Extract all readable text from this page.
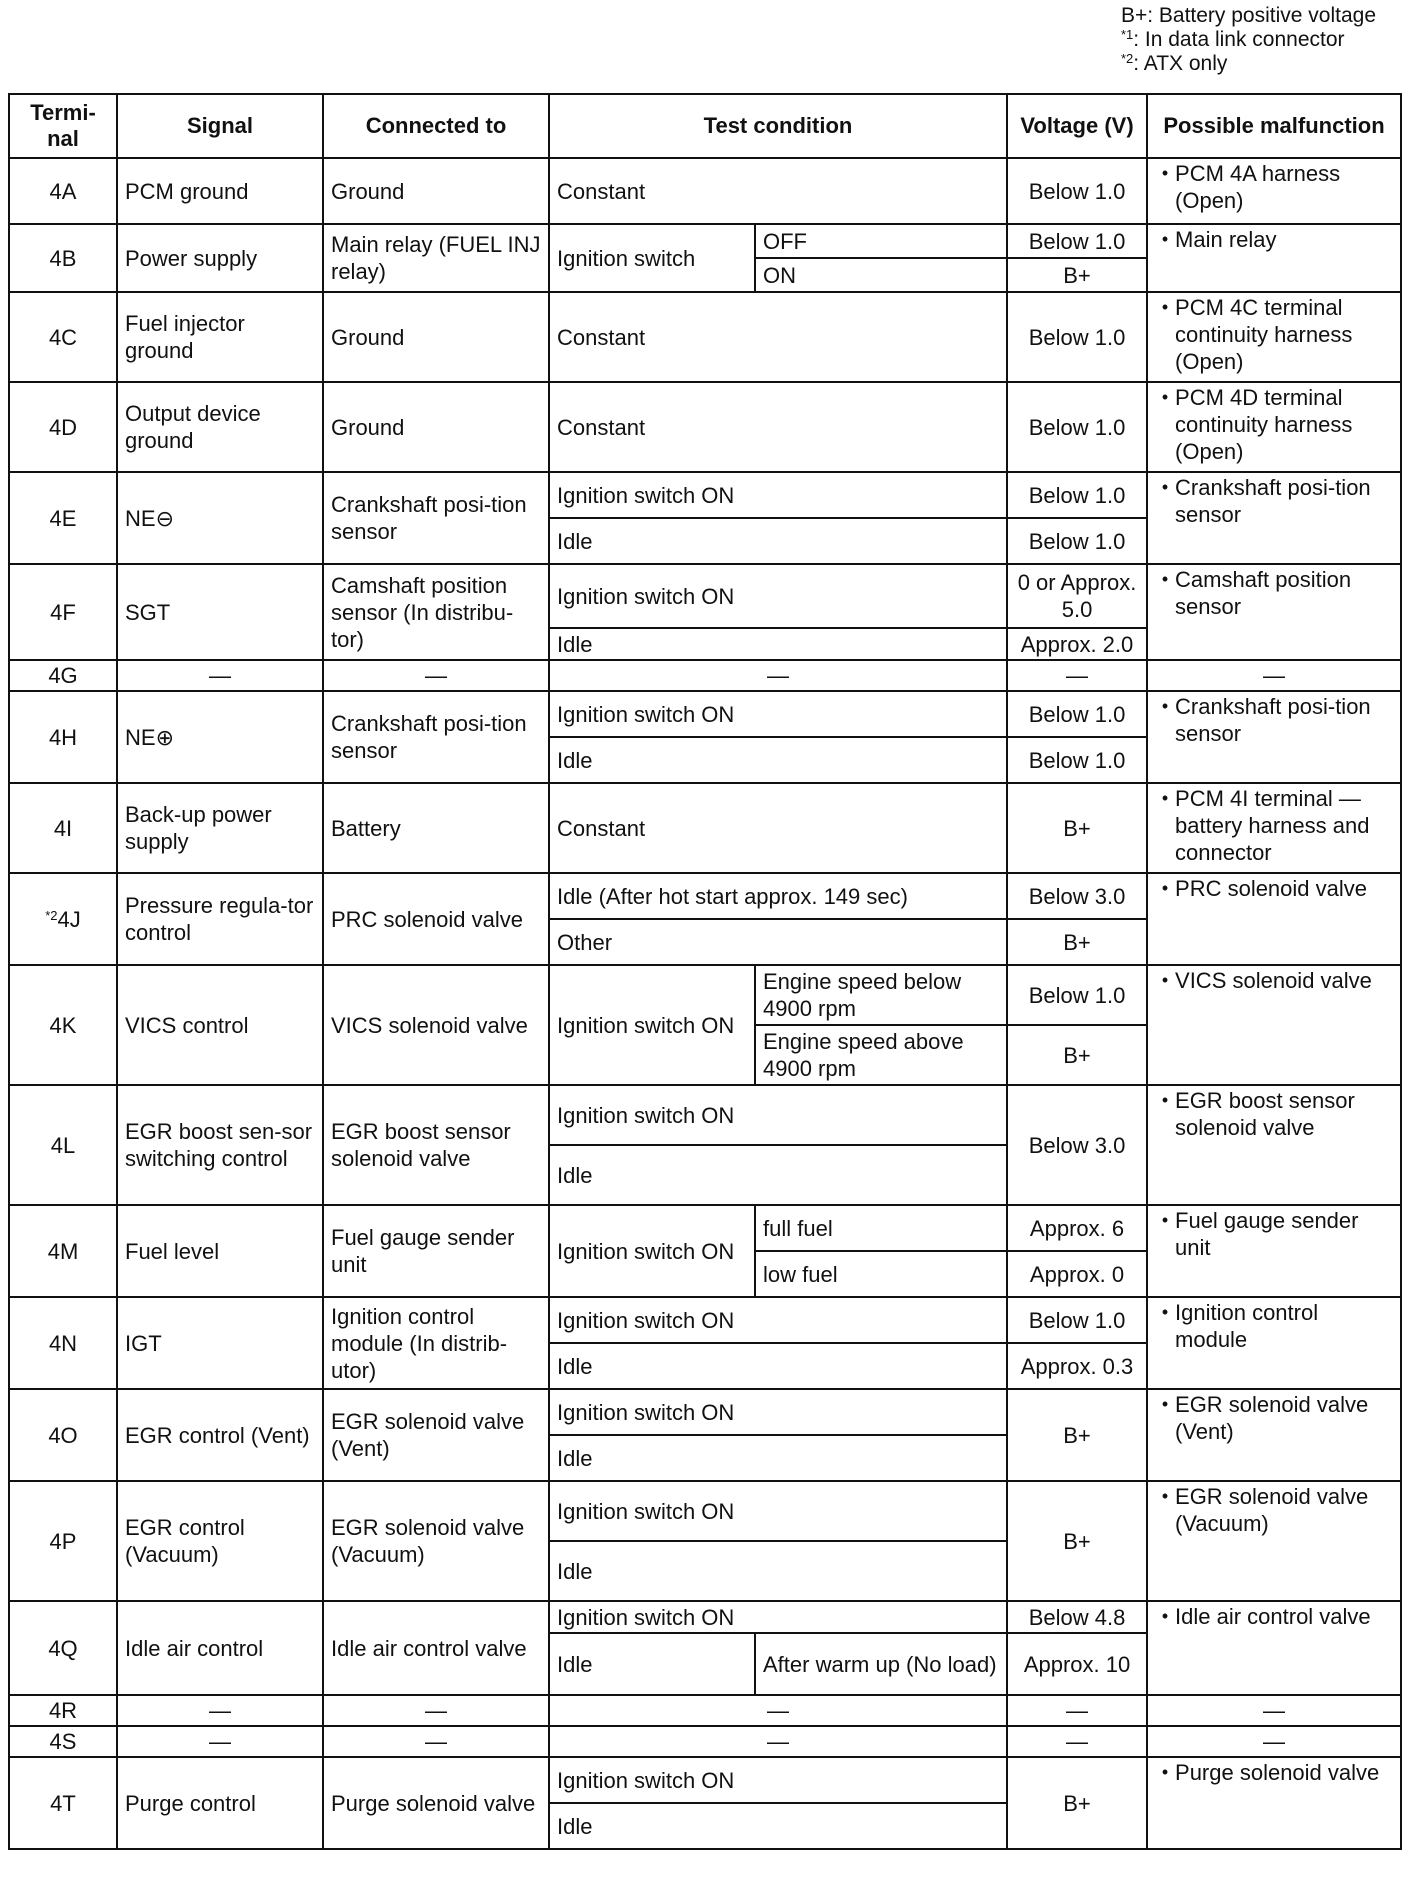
B+: Battery positive voltage
$^{*1}$: In data link connector
$^{*2}$: ATX only
Termi-nal	Signal	Connected to	Test condition		Voltage (V)	Possible malfunction
4A	PCM ground	Ground	Constant		Below 1.0	• PCM 4A harness (Open)

4B	Power supply	Main relay (FUEL INJ relay)	Ignition switch	OFF	Below 1.0	• Main relay

				ON	B+	
4C	Fuel injector ground	Ground	Constant		Below 1.0	• PCM 4C terminal continuity harness (Open)

4D	Output device ground	Ground	Constant		Below 1.0	• PCM 4D terminal continuity harness (Open)

4E	NE⊖	Crankshaft posi-tion sensor	Ignition switch ON		Below 1.0	• Crankshaft posi-tion sensor

			Idle		Below 1.0	
4F	SGT	Camshaft position sensor (In distribu-tor)	Ignition switch ON		0 or Approx. 5.0	• Camshaft position sensor

			Idle		Approx. 2.0	
4G	—	—	—		—	—
4H	NE⊕	Crankshaft posi-tion sensor	Ignition switch ON		Below 1.0	• Crankshaft posi-tion sensor

			Idle		Below 1.0	
4I	Back-up power supply	Battery	Constant		B+	• PCM 4I terminal — battery harness and connector

$^{*2}$4J	Pressure regula-tor control	PRC solenoid valve	Idle (After hot start approx. 149 sec)		Below 3.0	• PRC solenoid valve

			Other		B+	
4K	VICS control	VICS solenoid valve	Ignition switch ON	Engine speed below 4900 rpm	Below 1.0	• VICS solenoid valve

				Engine speed above 4900 rpm	B+	
4L	EGR boost sen-sor switching control	EGR boost sensor solenoid valve	Ignition switch ON		Below 3.0	• EGR boost sensor solenoid valve

			Idle			
4M	Fuel level	Fuel gauge sender unit	Ignition switch ON	full fuel	Approx. 6	• Fuel gauge sender unit

				low fuel	Approx. 0	
4N	IGT	Ignition control module (In distrib-utor)	Ignition switch ON		Below 1.0	• Ignition control module

			Idle		Approx. 0.3	
4O	EGR control (Vent)	EGR solenoid valve (Vent)	Ignition switch ON		B+	• EGR solenoid valve (Vent)

			Idle			
4P	EGR control (Vacuum)	EGR solenoid valve (Vacuum)	Ignition switch ON		B+	• EGR solenoid valve (Vacuum)

			Idle			
4Q	Idle air control	Idle air control valve	Ignition switch ON		Below 4.8	• Idle air control valve

			Idle	After warm up (No load)	Approx. 10	
4R	—	—	—		—	—
4S	—	—	—		—	—
4T	Purge control	Purge solenoid valve	Ignition switch ON		B+	• Purge solenoid valve

			Idle			
